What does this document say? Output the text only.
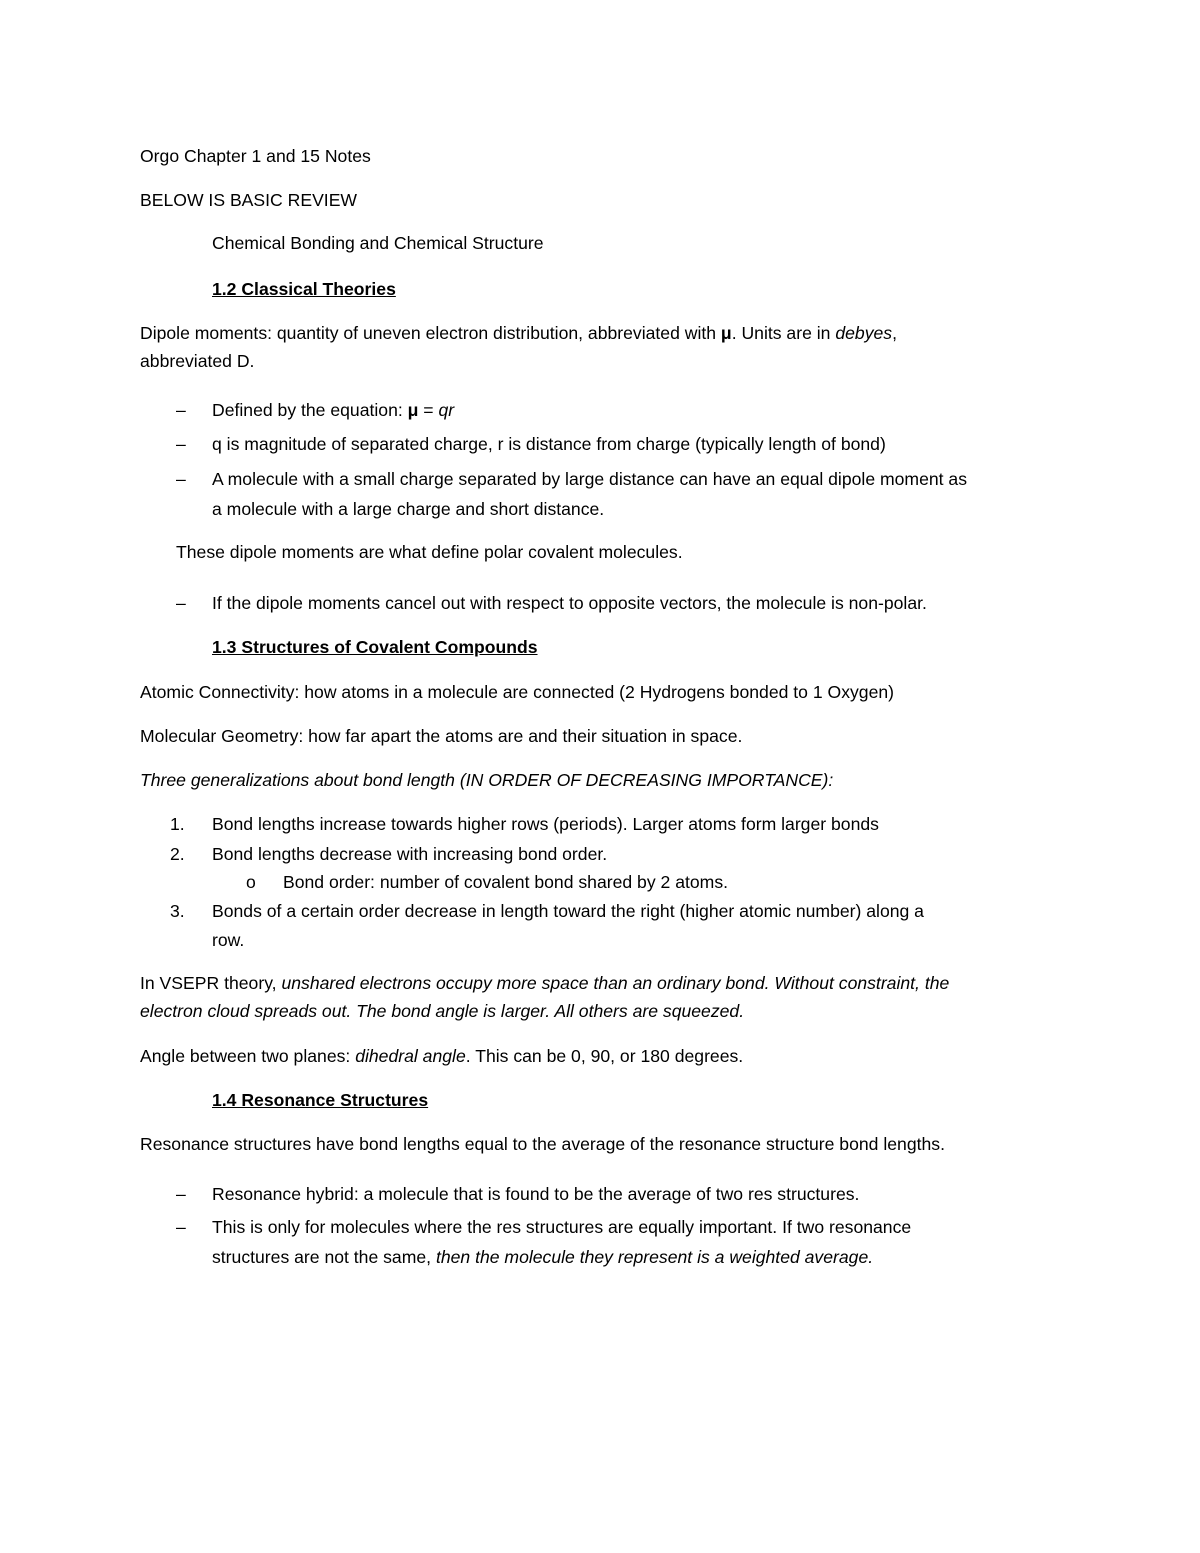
Orgo Chapter 1 and 15 Notes
BELOW IS BASIC REVIEW
Chemical Bonding and Chemical Structure
1.2 Classical Theories
Dipole moments: quantity of uneven electron distribution, abbreviated with μ. Units are in debyes,
abbreviated D.
– Defined by the equation: μ = qr
– q is magnitude of separated charge, r is distance from charge (typically length of bond)
– A molecule with a small charge separated by large distance can have an equal dipole moment as
a molecule with a large charge and short distance.
These dipole moments are what define polar covalent molecules.
– If the dipole moments cancel out with respect to opposite vectors, the molecule is non-polar.
1.3 Structures of Covalent Compounds
Atomic Connectivity: how atoms in a molecule are connected (2 Hydrogens bonded to 1 Oxygen)
Molecular Geometry: how far apart the atoms are and their situation in space.
Three generalizations about bond length (IN ORDER OF DECREASING IMPORTANCE):
1. Bond lengths increase towards higher rows (periods). Larger atoms form larger bonds
2. Bond lengths decrease with increasing bond order.
o Bond order: number of covalent bond shared by 2 atoms.
3. Bonds of a certain order decrease in length toward the right (higher atomic number) along a
row.
In VSEPR theory, unshared electrons occupy more space than an ordinary bond. Without constraint, the
electron cloud spreads out. The bond angle is larger. All others are squeezed.
Angle between two planes: dihedral angle. This can be 0, 90, or 180 degrees.
1.4 Resonance Structures
Resonance structures have bond lengths equal to the average of the resonance structure bond lengths.
– Resonance hybrid: a molecule that is found to be the average of two res structures.
– This is only for molecules where the res structures are equally important. If two resonance
structures are not the same, then the molecule they represent is a weighted average.
